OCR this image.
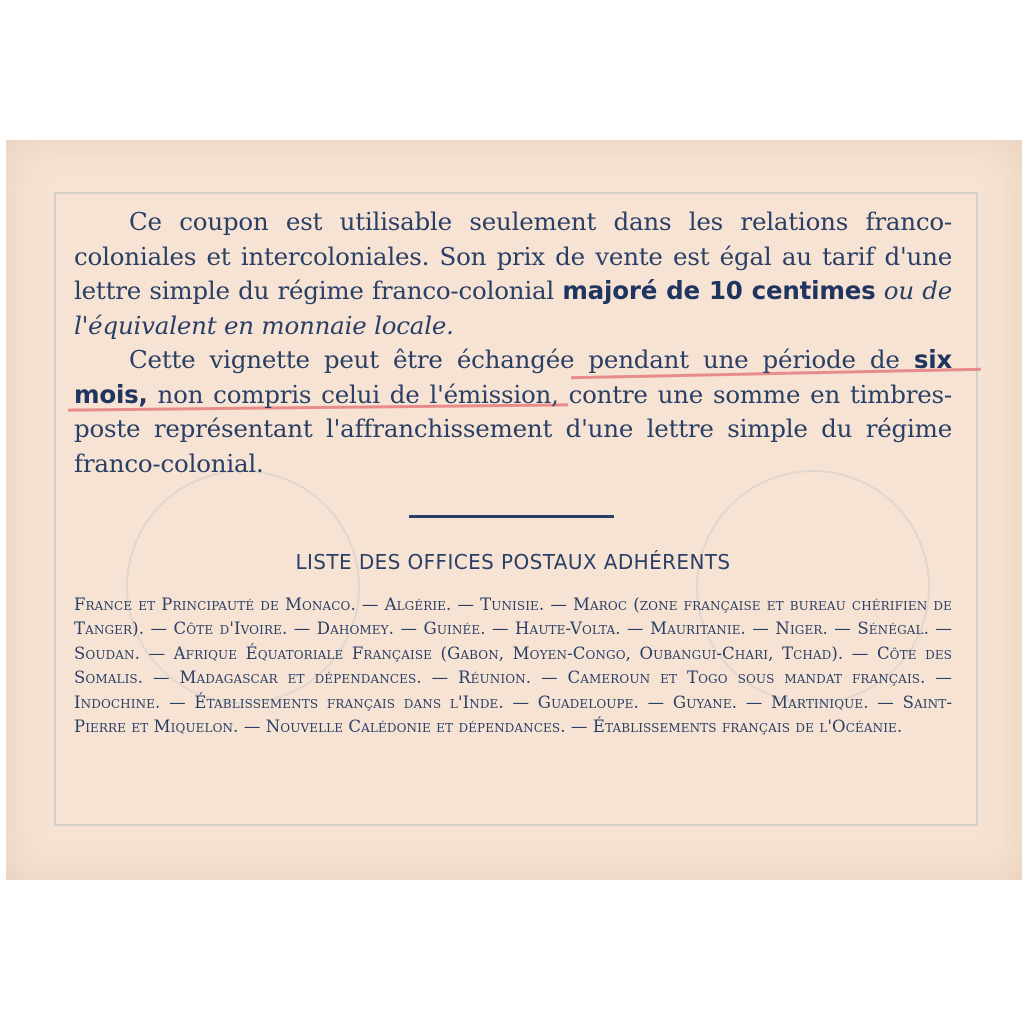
Ce coupon est utilisable seulement dans les relations franco-coloniales et intercoloniales. Son prix de vente est égal au tarif d'une lettre simple du régime franco-colonial majoré de 10 centimes ou de l'équivalent en monnaie locale.

Cette vignette peut être échangée pendant une période de six mois, non compris celui de l'émission, contre une somme en timbres-poste représentant l'affranchissement d'une lettre simple du régime franco-colonial.

LISTE DES OFFICES POSTAUX ADHÉRENTS
France et Principauté de Monaco. — Algérie. — Tunisie. — Maroc (zone française et bureau chérifien de Tanger). — Côte d'Ivoire. — Dahomey. — Guinée. — Haute-Volta. — Mauritanie. — Niger. — Sénégal. — Soudan. — Afrique Équatoriale Française (Gabon, Moyen-Congo, Oubangui-Chari, Tchad). — Côte des Somalis. — Madagascar et dépendances. — Réunion. — Cameroun et Togo sous mandat français. — Indochine. — Établissements français dans l'Inde. — Guadeloupe. — Guyane. — Martinique. — Saint-Pierre et Miquelon. — Nouvelle Calédonie et dépendances. — Établissements français de l'Océanie.
